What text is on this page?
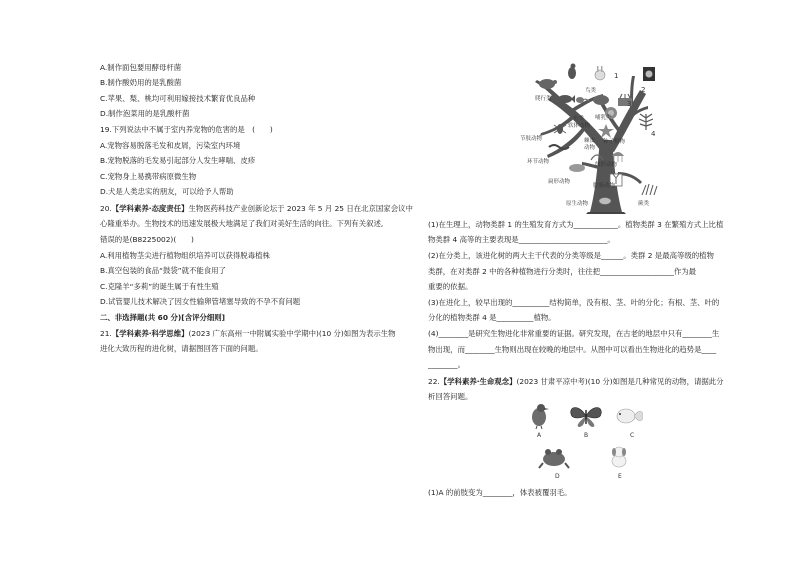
A.制作面包要用酵母杆菌
B.制作酸奶用的是乳酸菌
C.苹果、梨、桃均可利用嫁接技术繁育优良品种
D.制作泡菜用的是乳酸杆菌
19.下列说法中不属于室内养宠物的危害的是　(　　)
A.宠物容易脱落毛发和皮屑，污染室内环境
B.宠物脱落的毛发易引起部分人发生哮喘、皮疹
C.宠物身上易携带病原微生物
D.犬是人类忠实的朋友，可以给予人帮助
20.【学科素养·态度责任】生物医药科技产业创新论坛于 2023 年 5 月 25 日在北京国家会议中
心隆重举办。生物技术的迅速发展极大地满足了我们对美好生活的向往。下列有关叙述,
错误的是(B8225002)(　　)
A.利用植物茎尖进行植物组织培养可以获得脱毒植株
B.真空包装的食品“鼓袋”就不能食用了
C.克隆羊“多莉”的诞生属于有性生殖
D.试管婴儿技术解决了因女性输卵管堵塞导致的不孕不育问题
二、非选择题(共 60 分)[含评分细则]
21.【学科素养·科学思维】(2023 广东高州一中附属实验中学期中)(10 分)如图为表示生物
进化大致历程的进化树，请据图回答下面的问题。
鸟类
爬行类
哺乳类
鱼类
软体动物
节肢动物
环节动物
棘皮
动物
种子植物
扁形动物
线形动物
腔肠动物
蕨类
原生动物
1
2
3
4
(1)在生理上，动物类群 1 的生殖发育方式为____________。植物类群 3 在繁殖方式上比植
物类群 4 高等的主要表现是________________________。
(2)在分类上，该进化树的两大主干代表的分类等级是______。类群 2 是最高等级的植物
类群，在对类群 2 中的各种植物进行分类时，往往把____________________作为最
重要的依据。
(3)在进化上，较早出现的__________结构简单，没有根、茎、叶的分化；有根、茎、叶的
分化的植物类群 4 是__________植物。
(4)________是研究生物进化非常重要的证据。研究发现，在古老的地层中只有________生
物出现，而________生物则出现在较晚的地层中。从图中可以看出生物进化的趋势是____
________。
22.【学科素养·生命观念】(2023 甘肃平凉中考)(10 分)如图是几种常见的动物，请据此分
析回答问题。
A	B	C
D	E
(1)A 的前肢变为________，体表被覆羽毛。
